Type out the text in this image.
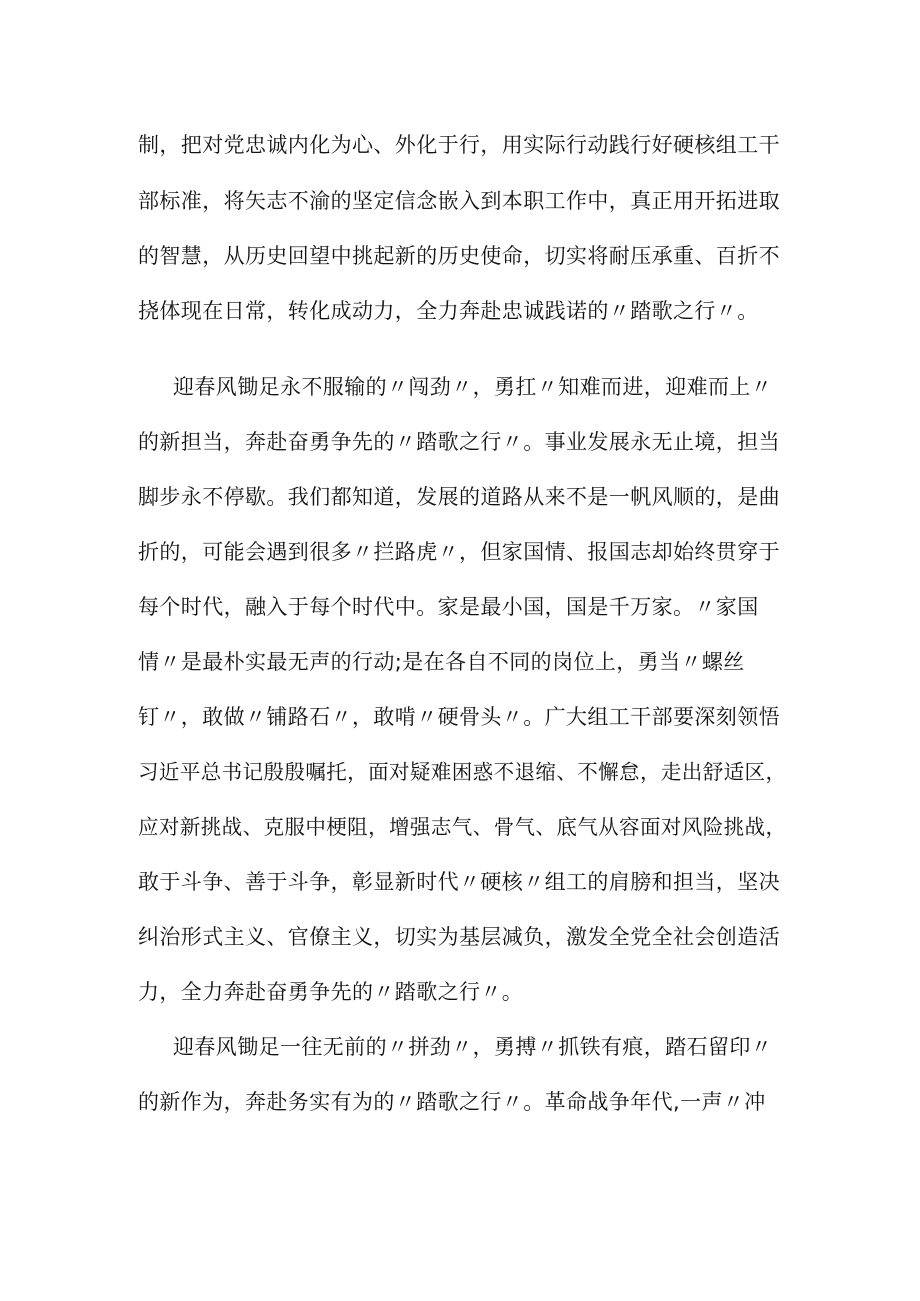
制，把对党忠诚内化为心、外化于行，用实际行动践行好硬核组工干
部标准，将矢志不渝的坚定信念嵌入到本职工作中，真正用开拓进取
的智慧，从历史回望中挑起新的历史使命，切实将耐压承重、百折不
挠体现在日常，转化成动力，全力奔赴忠诚践诺的〃踏歌之行〃。
迎春风锄足永不服输的〃闯劲〃，勇扛〃知难而进，迎难而上〃
的新担当，奔赴奋勇争先的〃踏歌之行〃。事业发展永无止境，担当
脚步永不停歇。我们都知道，发展的道路从来不是一帆风顺的，是曲
折的，可能会遇到很多〃拦路虎〃，但家国情、报国志却始终贯穿于
每个时代，融入于每个时代中。家是最小国，国是千万家。〃家国
情〃是最朴实最无声的行动;是在各自不同的岗位上，勇当〃螺丝
钉〃，敢做〃铺路石〃，敢啃〃硬骨头〃。广大组工干部要深刻领悟
习近平总书记殷殷嘱托，面对疑难困惑不退缩、不懈怠，走出舒适区，
应对新挑战、克服中梗阻，增强志气、骨气、底气从容面对风险挑战，
敢于斗争、善于斗争，彰显新时代〃硬核〃组工的肩膀和担当，坚决
纠治形式主义、官僚主义，切实为基层减负，激发全党全社会创造活
力，全力奔赴奋勇争先的〃踏歌之行〃。
迎春风锄足一往无前的〃拼劲〃，勇搏〃抓铁有痕，踏石留印〃
的新作为，奔赴务实有为的〃踏歌之行〃。革命战争年代,一声〃冲
